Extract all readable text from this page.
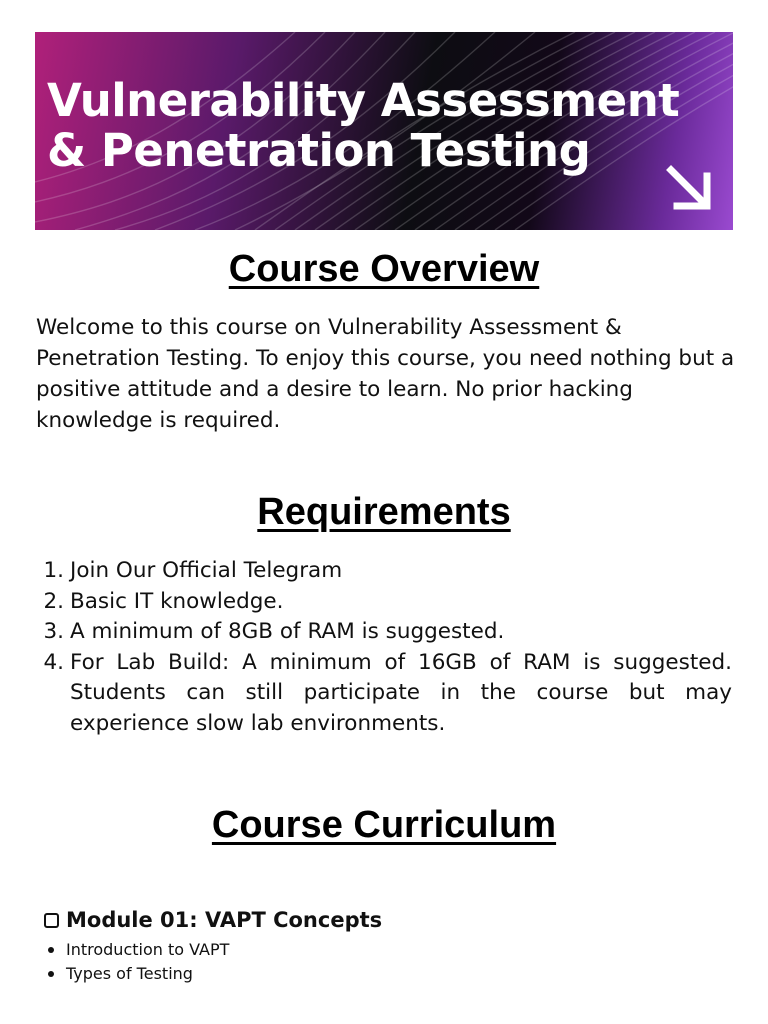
Vulnerability Assessment
& Penetration Testing
Course Overview

Welcome to this course on Vulnerability Assessment & Penetration Testing. To enjoy this course, you need nothing but a positive attitude and a desire to learn. No prior hacking knowledge is required.

Requirements
1. Join Our Official Telegram
2. Basic IT knowledge.
3. A minimum of 8GB of RAM is suggested.
4. For Lab Build: A minimum of 16GB of RAM is suggested. Students can still participate in the course but may experience slow lab environments.
Course Curriculum
Module 01: VAPT Concepts
Introduction to VAPT
Types of Testing
